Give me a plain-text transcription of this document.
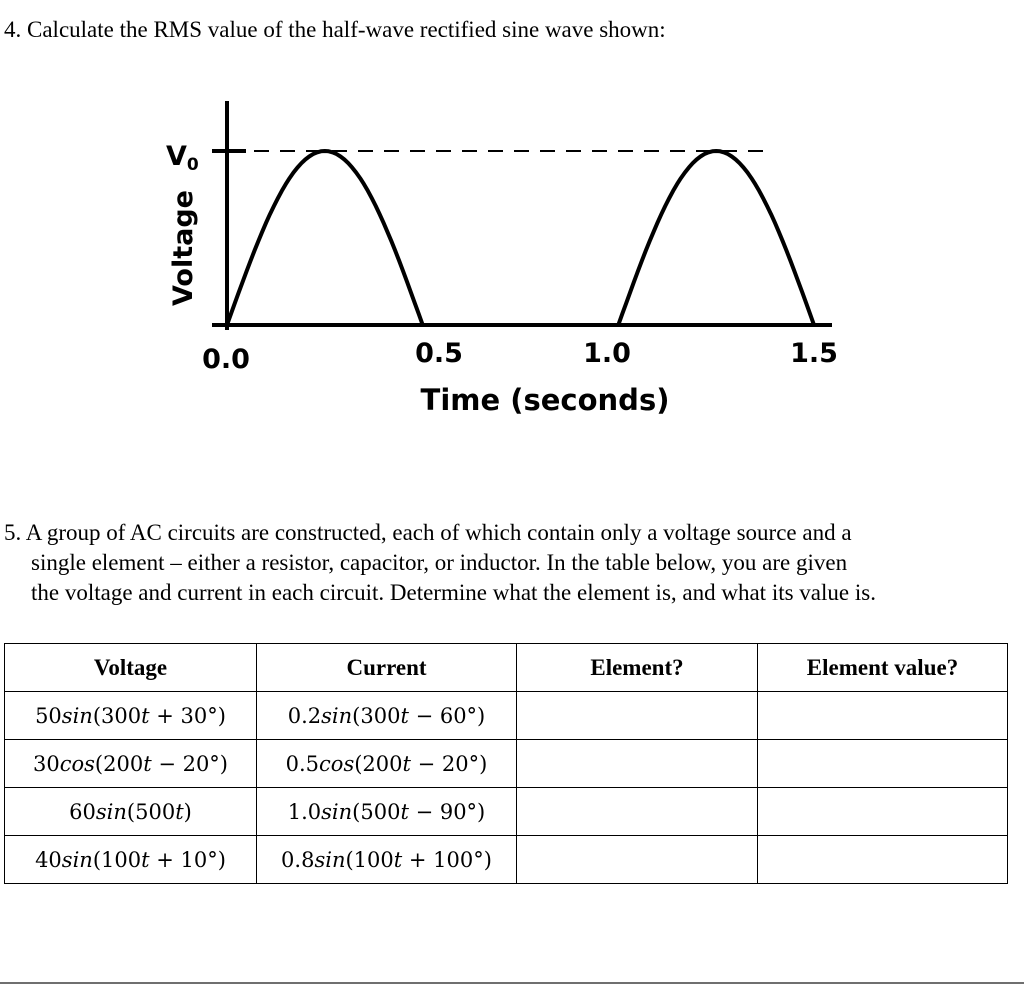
4. Calculate the RMS value of the half-wave rectified sine wave shown:
V0
Voltage
0.0	0.5	1.0	1.5
Time (seconds)
5. A group of AC circuits are constructed, each of which contain only a voltage source and a
single element – either a resistor, capacitor, or inductor. In the table below, you are given
the voltage and current in each circuit. Determine what the element is, and what its value is.
Voltage	Current	Element?	Element value?
50sin(300t + 30°)	0.2sin(300t − 60°)		
30cos(200t − 20°)	0.5cos(200t − 20°)		
60sin(500t)	1.0sin(500t − 90°)		
40sin(100t + 10°)	0.8sin(100t + 100°)		
